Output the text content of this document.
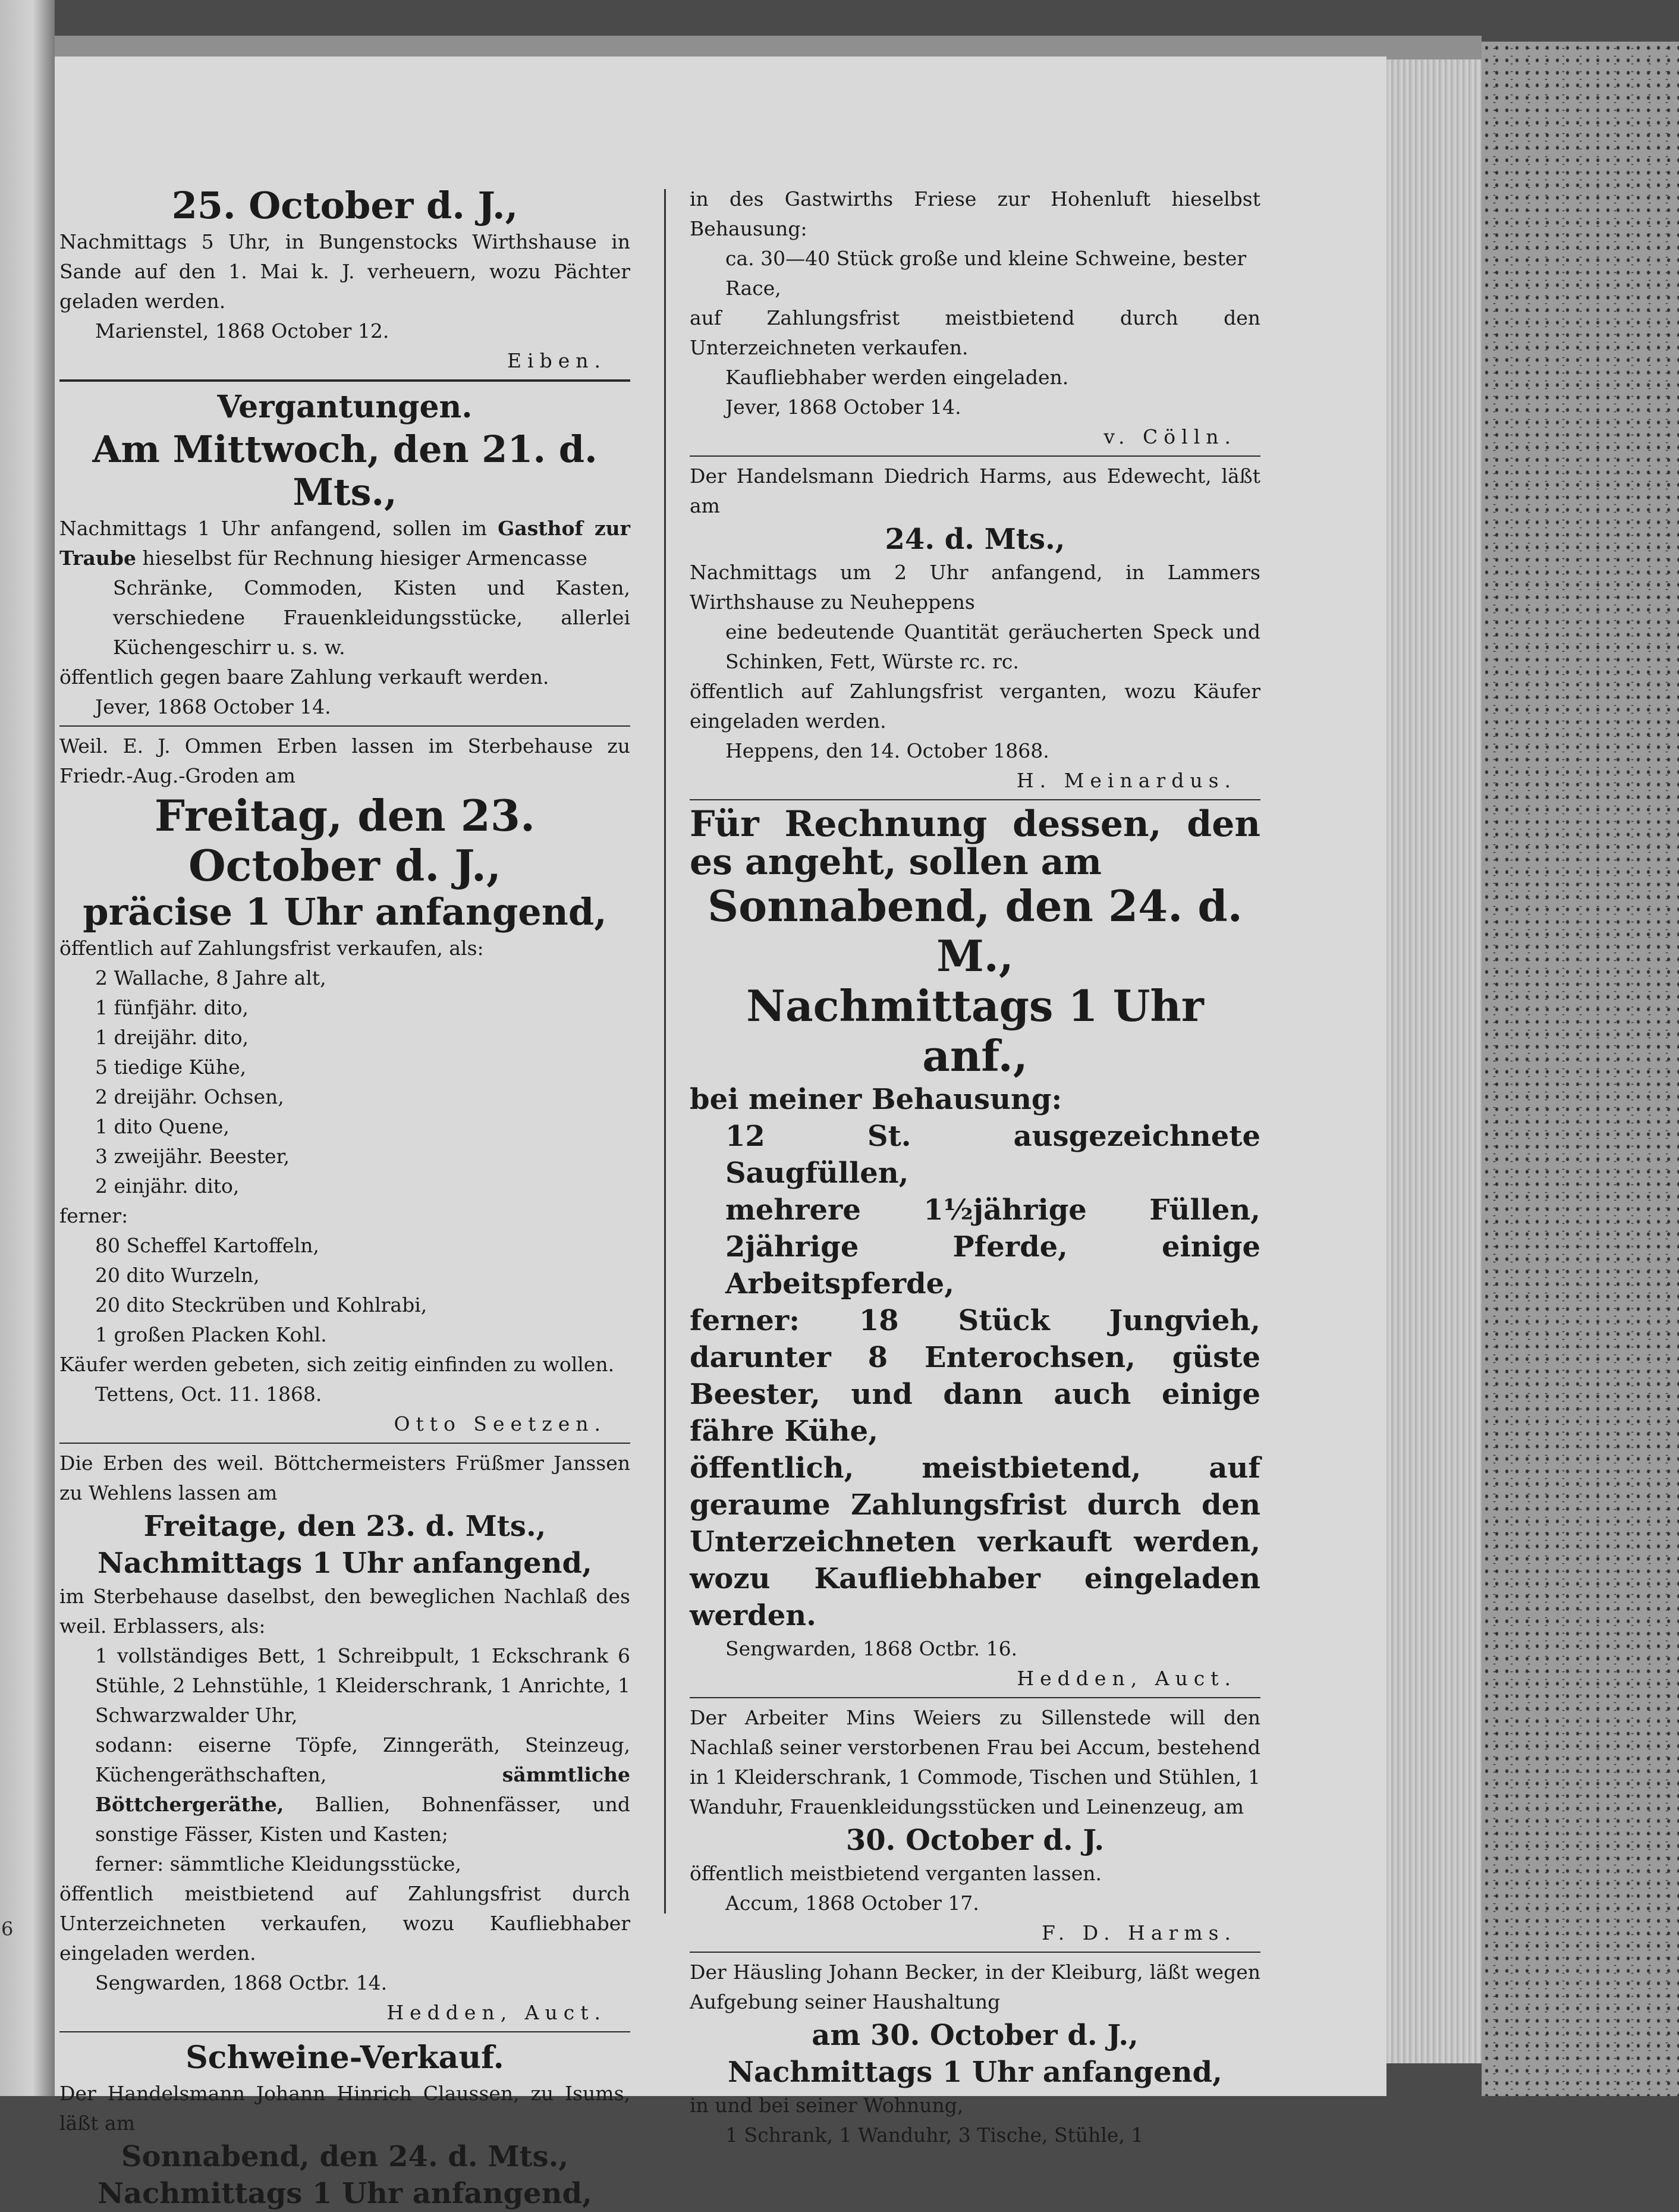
6

25. October d. J.,

Nachmittags 5 Uhr, in Bungenstocks Wirthshause in Sande auf den 1. Mai k. J. verheuern, wozu Pächter geladen werden.

Marienstel, 1868 October 12.

Eiben.

Vergantungen.

Am Mittwoch, den 21. d. Mts.,

Nachmittags 1 Uhr anfangend, sollen im Gasthof zur Traube hieselbst für Rechnung hiesiger Armencasse

Schränke, Commoden, Kisten und Kasten, verschiedene Frauenkleidungsstücke, allerlei Küchengeschirr u. s. w.

öffentlich gegen baare Zahlung verkauft werden.

Jever, 1868 October 14.

Weil. E. J. Ommen Erben lassen im Sterbehause zu Friedr.-Aug.-Groden am

Freitag, den 23. October d. J.,

präcise 1 Uhr anfangend,

öffentlich auf Zahlungsfrist verkaufen, als:

2 Wallache, 8 Jahre alt,

1 fünfjähr. dito,

1 dreijähr. dito,

5 tiedige Kühe,

2 dreijähr. Ochsen,

1 dito Quene,

3 zweijähr. Beester,

2 einjähr. dito,

ferner:

80 Scheffel Kartoffeln,

20 dito Wurzeln,

20 dito Steckrüben und Kohlrabi,

1 großen Placken Kohl.

Käufer werden gebeten, sich zeitig einfinden zu wollen.

Tettens, Oct. 11. 1868.

Otto Seetzen.

Die Erben des weil. Böttchermeisters Früßmer Janssen zu Wehlens lassen am

Freitage, den 23. d. Mts.,

Nachmittags 1 Uhr anfangend,

im Sterbehause daselbst, den beweglichen Nachlaß des weil. Erblassers, als:

1 vollständiges Bett, 1 Schreibpult, 1 Eckschrank 6 Stühle, 2 Lehnstühle, 1 Kleiderschrank, 1 Anrichte, 1 Schwarzwalder Uhr,

sodann: eiserne Töpfe, Zinngeräth, Steinzeug, Küchengeräthschaften,	sämmtliche Böttchergeräthe, Ballien, Bohnenfässer, und sonstige Fässer, Kisten und Kasten;

ferner: sämmtliche Kleidungsstücke,

öffentlich meistbietend auf Zahlungsfrist durch Unterzeichneten verkaufen, wozu Kaufliebhaber eingeladen werden.

Sengwarden, 1868 Octbr. 14.

Hedden, Auct.

Schweine-Verkauf.

Der Handelsmann Johann Hinrich Claussen, zu Isums, läßt am

Sonnabend, den 24. d. Mts.,

Nachmittags 1 Uhr anfangend,

in des Gastwirths Friese zur Hohenluft hieselbst Behausung:

ca. 30—40 Stück große und kleine Schweine, bester Race,

auf Zahlungsfrist meistbietend durch den Unterzeichneten verkaufen.

Kaufliebhaber werden eingeladen.

Jever, 1868 October 14.

v. Cölln.

Der Handelsmann Diedrich Harms, aus Edewecht, läßt am

24. d. Mts.,

Nachmittags um 2 Uhr anfangend, in Lammers Wirthshause zu Neuheppens

eine bedeutende Quantität geräucherten Speck und Schinken, Fett, Würste rc. rc.

öffentlich auf Zahlungsfrist verganten, wozu Käufer eingeladen werden.

Heppens, den 14. October 1868.

H. Meinardus.

Für Rechnung dessen, den es angeht, sollen am

Sonnabend, den 24. d. M.,

Nachmittags 1 Uhr anf.,

bei meiner Behausung:

12 St. ausgezeichnete Saugfüllen,

mehrere 1½jährige Füllen, 2jährige Pferde, einige Arbeitspferde,

ferner: 18 Stück Jungvieh, darunter 8 Enterochsen, güste Beester, und dann auch einige fähre Kühe,

öffentlich, meistbietend, auf geraume Zahlungsfrist durch den Unterzeichneten verkauft werden, wozu Kaufliebhaber eingeladen werden.

Sengwarden, 1868 Octbr. 16.

Hedden, Auct.

Der Arbeiter Mins Weiers zu Sillenstede will den Nachlaß seiner verstorbenen Frau bei Accum, bestehend in 1 Kleiderschrank, 1 Commode, Tischen und Stühlen, 1 Wanduhr, Frauenkleidungsstücken und Leinenzeug, am

30. October d. J.

öffentlich meistbietend verganten lassen.

Accum, 1868 October 17.

F. D. Harms.

Der Häusling Johann Becker, in der Kleiburg, läßt wegen Aufgebung seiner Haushaltung

am 30. October d. J.,

Nachmittags 1 Uhr anfangend,

in und bei seiner Wohnung,

1 Schrank, 1 Wanduhr, 3 Tische, Stühle, 1
